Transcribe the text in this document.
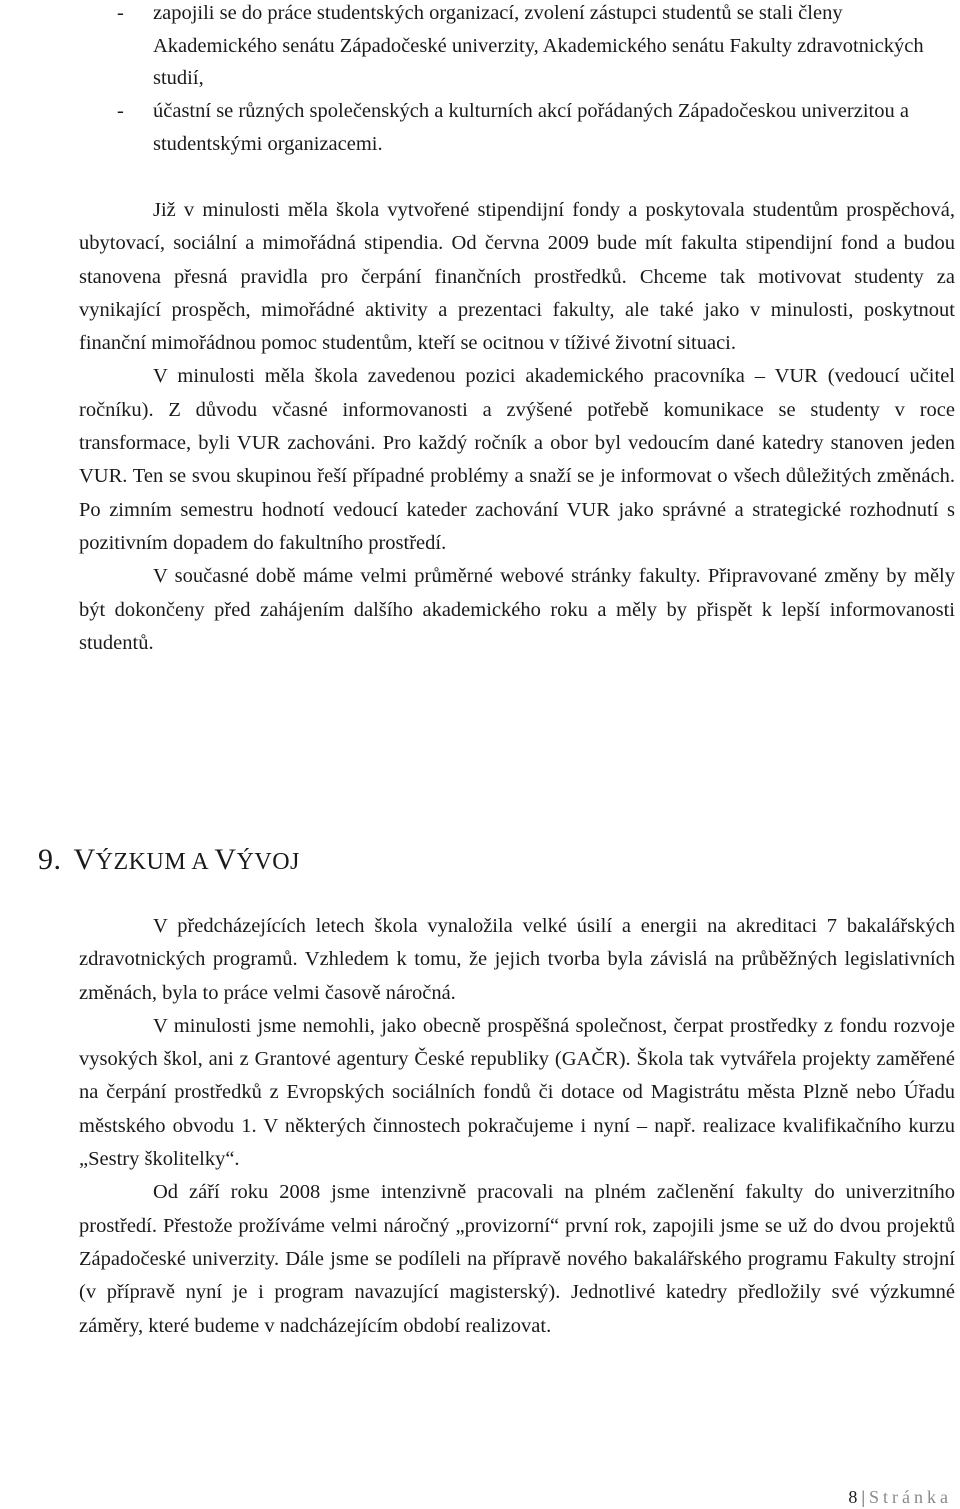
- zapojili se do práce studentských organizací, zvolení zástupci studentů se stali členy Akademického senátu Západočeské univerzity, Akademického senátu Fakulty zdravotnických studií,
- účastní se různých společenských a kulturních akcí pořádaných Západočeskou univerzitou a studentskými organizacemi.

Již v minulosti měla škola vytvořené stipendijní fondy a poskytovala studentům prospěchová, ubytovací, sociální a mimořádná stipendia. Od června 2009 bude mít fakulta stipendijní fond a budou stanovena přesná pravidla pro čerpání finančních prostředků. Chceme tak motivovat studenty za vynikající prospěch, mimořádné aktivity a prezentaci fakulty, ale také jako v minulosti, poskytnout finanční mimořádnou pomoc studentům, kteří se ocitnou v tíživé životní situaci.

V minulosti měla škola zavedenou pozici akademického pracovníka – VUR (vedoucí učitel ročníku). Z důvodu včasné informovanosti a zvýšené potřebě komunikace se studenty v roce transformace, byli VUR zachováni. Pro každý ročník a obor byl vedoucím dané katedry stanoven jeden VUR. Ten se svou skupinou řeší případné problémy a snaží se je informovat o všech důležitých změnách. Po zimním semestru hodnotí vedoucí kateder zachování VUR jako správné a strategické rozhodnutí s pozitivním dopadem do fakultního prostředí.

V současné době máme velmi průměrné webové stránky fakulty. Připravované změny by měly být dokončeny před zahájením dalšího akademického roku a měly by přispět k lepší informovanosti studentů.

9. VÝZKUM A VÝVOJ

V předcházejících letech škola vynaložila velké úsilí a energii na akreditaci 7 bakalářských zdravotnických programů. Vzhledem k tomu, že jejich tvorba byla závislá na průběžných legislativních změnách, byla to práce velmi časově náročná.

V minulosti jsme nemohli, jako obecně prospěšná společnost, čerpat prostředky z fondu rozvoje vysokých škol, ani z Grantové agentury České republiky (GAČR). Škola tak vytvářela projekty zaměřené na čerpání prostředků z Evropských sociálních fondů či dotace od Magistrátu města Plzně nebo Úřadu městského obvodu 1. V některých činnostech pokračujeme i nyní – např. realizace kvalifikačního kurzu „Sestry školitelky“.

Od září roku 2008 jsme intenzivně pracovali na plném začlenění fakulty do univerzitního prostředí. Přestože prožíváme velmi náročný „provizorní“ první rok, zapojili jsme se už do dvou projektů Západočeské univerzity. Dále jsme se podíleli na přípravě nového bakalářského programu Fakulty strojní (v přípravě nyní je i program navazující magisterský). Jednotlivé katedry předložily své výzkumné záměry, které budeme v nadcházejícím období realizovat.

8 | Stránka
